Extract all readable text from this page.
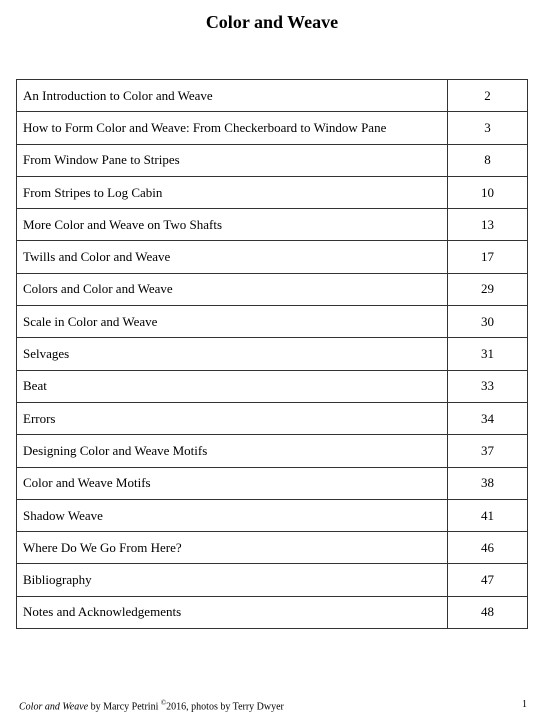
Color and Weave
An Introduction to Color and Weave	2
How to Form Color and Weave: From Checkerboard to Window Pane	3
From Window Pane to Stripes	8
From Stripes to Log Cabin	10
More Color and Weave on Two Shafts	13
Twills and Color and Weave	17
Colors and Color and Weave	29
Scale in Color and Weave	30
Selvages	31
Beat	33
Errors	34
Designing Color and Weave Motifs	37
Color and Weave Motifs	38
Shadow Weave	41
Where Do We Go From Here?	46
Bibliography	47
Notes and Acknowledgements	48
Color and Weave by Marcy Petrini ©2016, photos by Terry Dwyer	1
